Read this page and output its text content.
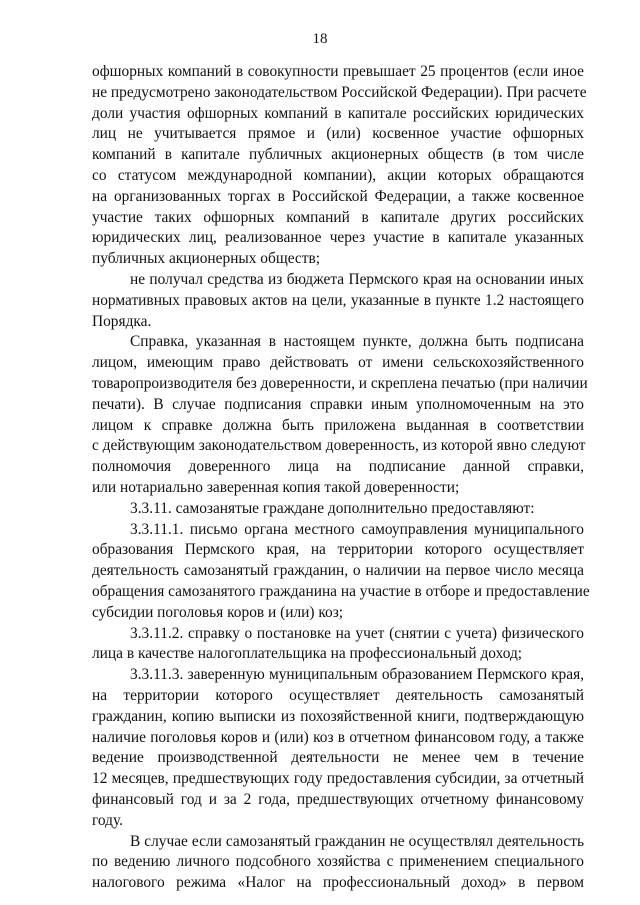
18
офшорных компаний в совокупности превышает 25 процентов (если иное
не предусмотрено законодательством Российской Федерации). При расчете
доли участия офшорных компаний в капитале российских юридических
лиц не учитывается прямое и (или) косвенное участие офшорных
компаний в капитале публичных акционерных обществ (в том числе
со статусом международной компании), акции которых обращаются
на организованных торгах в Российской Федерации, а также косвенное
участие таких офшорных компаний в капитале других российских
юридических лиц, реализованное через участие в капитале указанных
публичных акционерных обществ;
не получал средства из бюджета Пермского края на основании иных
нормативных правовых актов на цели, указанные в пункте 1.2 настоящего
Порядка.
Справка, указанная в настоящем пункте, должна быть подписана
лицом, имеющим право действовать от имени сельскохозяйственного
товаропроизводителя без доверенности, и скреплена печатью (при наличии
печати). В случае подписания справки иным уполномоченным на это
лицом к справке должна быть приложена выданная в соответствии
с действующим законодательством доверенность, из которой явно следуют
полномочия доверенного лица на подписание данной справки,
или нотариально заверенная копия такой доверенности;
3.3.11. самозанятые граждане дополнительно предоставляют:
3.3.11.1. письмо органа местного самоуправления муниципального
образования Пермского края, на территории которого осуществляет
деятельность самозанятый гражданин, о наличии на первое число месяца
обращения самозанятого гражданина на участие в отборе и предоставление
субсидии поголовья коров и (или) коз;
3.3.11.2. справку о постановке на учет (снятии с учета) физического
лица в качестве налогоплательщика на профессиональный доход;
3.3.11.3. заверенную муниципальным образованием Пермского края,
на территории которого осуществляет деятельность самозанятый
гражданин, копию выписки из похозяйственной книги, подтверждающую
наличие поголовья коров и (или) коз в отчетном финансовом году, а также
ведение производственной деятельности не менее чем в течение
12 месяцев, предшествующих году предоставления субсидии, за отчетный
финансовый год и за 2 года, предшествующих отчетному финансовому
году.
В случае если самозанятый гражданин не осуществлял деятельность
по ведению личного подсобного хозяйства с применением специального
налогового режима «Налог на профессиональный доход» в первом
